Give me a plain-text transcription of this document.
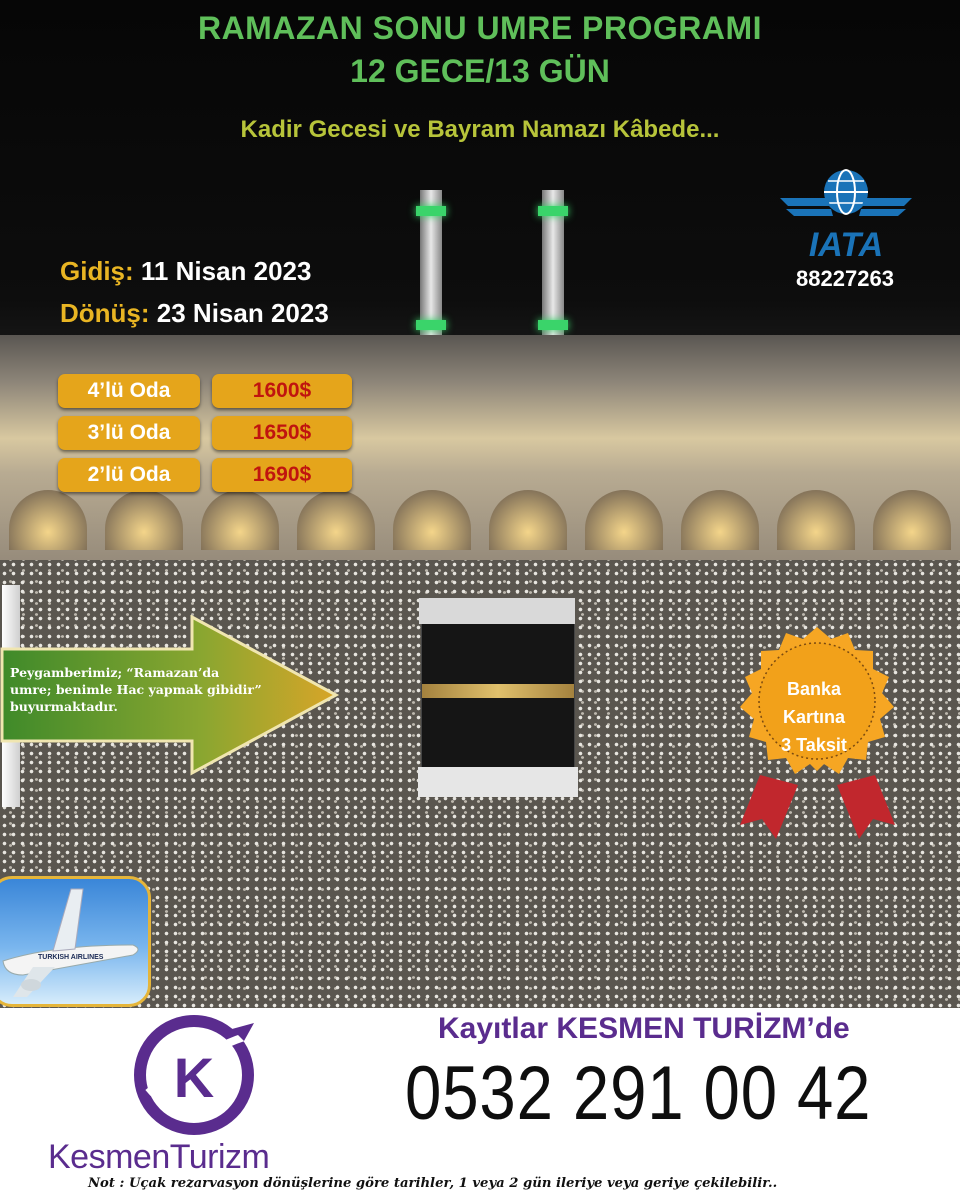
RAMAZAN SONU UMRE PROGRAMI
12 GECE/13 GÜN
Kadir Gecesi ve Bayram Namazı Kâbede...
Gidiş: 11 Nisan 2023
Dönüş: 23 Nisan 2023
IATA
88227263
4’lü Oda	1600$
3’lü Oda	1650$
2’lü Oda	1690$
Peygamberimiz; “Ramazan’da
umre; benimle Hac yapmak gibidir”
buyurmaktadır.
Banka
Kartına
3 Taksit
TURKISH AIRLINES
K
KesmenTurizm
Kayıtlar KESMEN TURİZM’de
0532 291 00 42
Not : Uçak rezarvasyon dönüşlerine göre tarihler, 1 veya 2 gün ileriye veya geriye çekilebilir..
